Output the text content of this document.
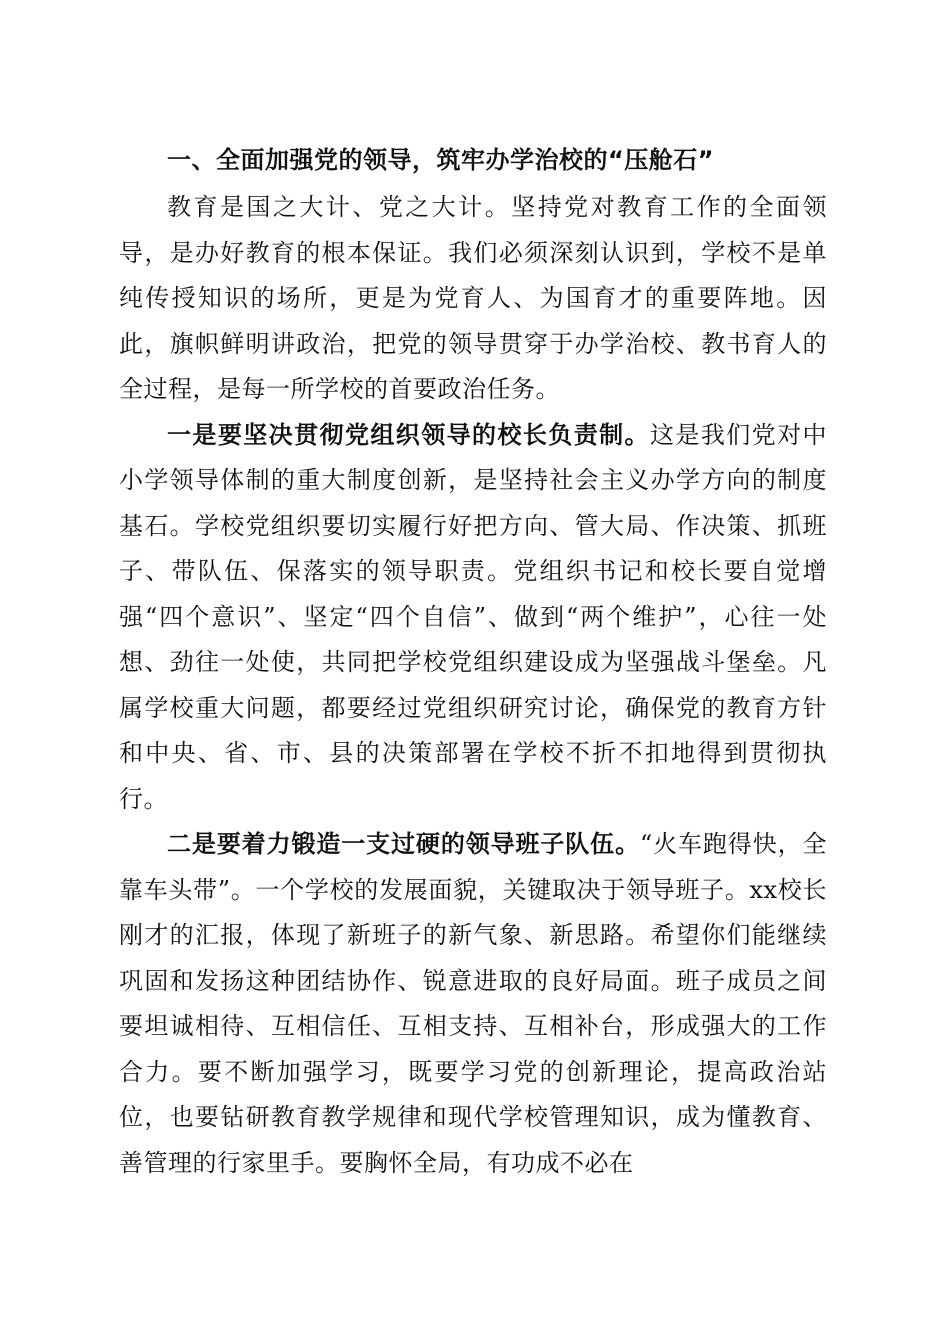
一、全面加强党的领导，筑牢办学治校的“压舱石”

教育是国之大计、党之大计。坚持党对教育工作的全面领导，是办好教育的根本保证。我们必须深刻认识到，学校不是单纯传授知识的场所，更是为党育人、为国育才的重要阵地。因此，旗帜鲜明讲政治，把党的领导贯穿于办学治校、教书育人的全过程，是每一所学校的首要政治任务。

一是要坚决贯彻党组织领导的校长负责制。这是我们党对中小学领导体制的重大制度创新，是坚持社会主义办学方向的制度基石。学校党组织要切实履行好把方向、管大局、作决策、抓班子、带队伍、保落实的领导职责。党组织书记和校长要自觉增强“四个意识”、坚定“四个自信”、做到“两个维护”，心往一处想、劲往一处使，共同把学校党组织建设成为坚强战斗堡垒。凡属学校重大问题，都要经过党组织研究讨论，确保党的教育方针和中央、省、市、县的决策部署在学校不折不扣地得到贯彻执行。

二是要着力锻造一支过硬的领导班子队伍。“火车跑得快，全靠车头带”。一个学校的发展面貌，关键取决于领导班子。xx校长刚才的汇报，体现了新班子的新气象、新思路。希望你们能继续巩固和发扬这种团结协作、锐意进取的良好局面。班子成员之间要坦诚相待、互相信任、互相支持、互相补台，形成强大的工作合力。要不断加强学习，既要学习党的创新理论，提高政治站位，也要钻研教育教学规律和现代学校管理知识，成为懂教育、善管理的行家里手。要胸怀全局，有功成不必在
